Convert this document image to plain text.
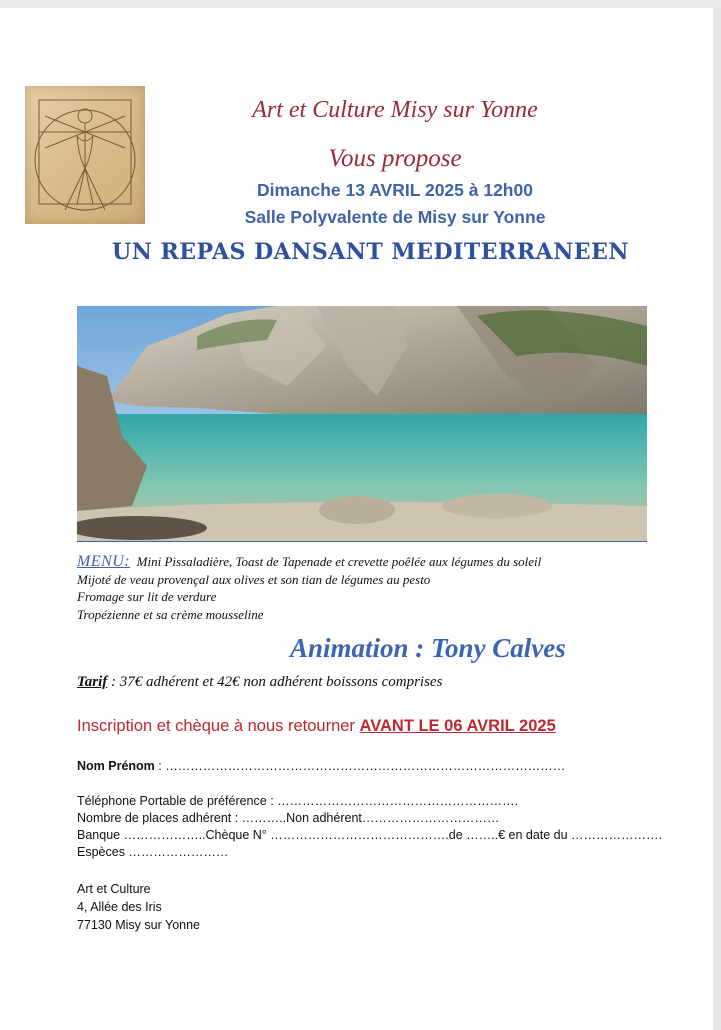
Art et Culture Misy sur Yonne
Vous propose
Dimanche 13 AVRIL 2025 à 12h00
Salle Polyvalente de Misy sur Yonne
UN REPAS DANSANT MEDITERRANEEN
MENU: Mini Pissaladière, Toast de Tapenade et crevette poêlée aux légumes du soleil
Mijoté de veau provençal aux olives et son tian de légumes au pesto
Fromage sur lit de verdure
Tropézienne et sa crème mousseline
Animation : Tony Calves
Tarif : 37€ adhérent et 42€ non adhérent boissons comprises
Inscription et chèque à nous retourner AVANT LE 06 AVRIL 2025
Nom Prénom : ……………………………………………………………………………………
Téléphone Portable de préférence : ………………………………………………….
Nombre de places adhérent : ………..Non adhérent……………………………
Banque ………………..Chèque N° …………………………………….de ……..€ en date du ………………….
Espèces ……………………
Art et Culture
4, Allée des Iris
77130 Misy sur Yonne
